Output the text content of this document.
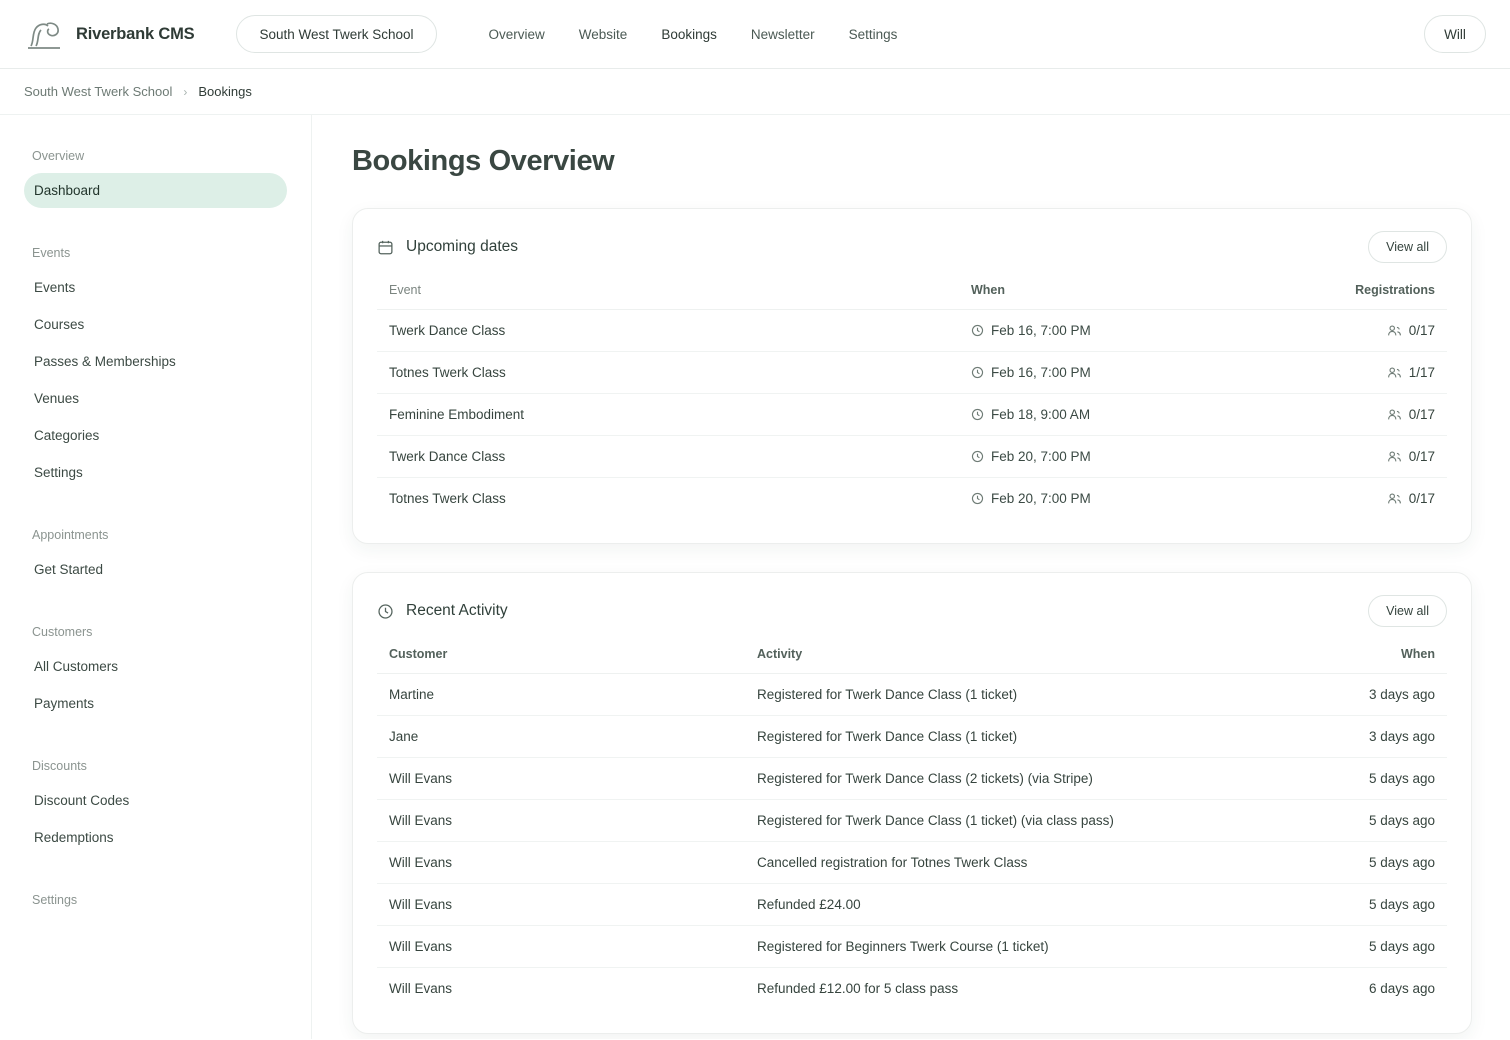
Riverbank CMS	South West Twerk School	Overview	Website	Bookings	Newsletter	Settings	Will
South West Twerk School › Bookings
Overview
Dashboard
Events
Events
Courses
Passes & Memberships
Venues
Categories
Settings
Appointments
Get Started
Customers
All Customers
Payments
Discounts
Discount Codes
Redemptions
Settings
Bookings Overview
Upcoming dates	View all
Event	When	Registrations
Twerk Dance Class	Feb 16, 7:00 PM	0/17

Totnes Twerk Class	Feb 16, 7:00 PM	1/17

Feminine Embodiment	Feb 18, 9:00 AM	0/17

Twerk Dance Class	Feb 20, 7:00 PM	0/17

Totnes Twerk Class	Feb 20, 7:00 PM	0/17
Recent Activity	View all
Customer	Activity	When
Martine	Registered for Twerk Dance Class (1 ticket)	3 days ago
Jane	Registered for Twerk Dance Class (1 ticket)	3 days ago
Will Evans	Registered for Twerk Dance Class (2 tickets) (via Stripe)	5 days ago
Will Evans	Registered for Twerk Dance Class (1 ticket) (via class pass)	5 days ago
Will Evans	Cancelled registration for Totnes Twerk Class	5 days ago
Will Evans	Refunded £24.00	5 days ago
Will Evans	Registered for Beginners Twerk Course (1 ticket)	5 days ago
Will Evans	Refunded £12.00 for 5 class pass	6 days ago
